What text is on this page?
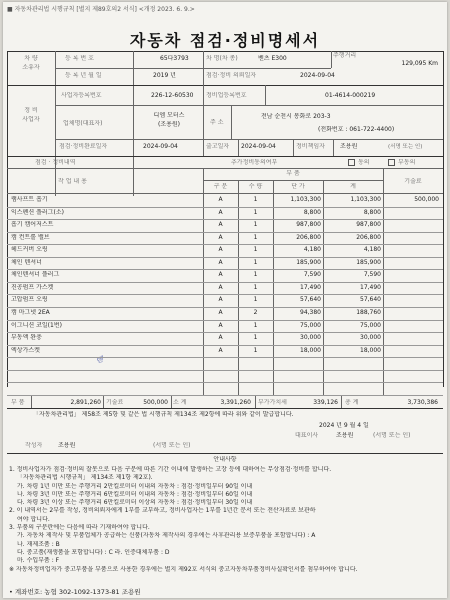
■ 자동차관리법 시행규칙 [별지 제89호의2 서식] <개정 2023. 6. 9.>
자동차 점검·정비명세서
차 량
소유자
등 록 번 호	65다3793	차 명(차 종)	벤츠 E300	주행거리
129,095 Km
등 록 년 월 일	2019 년	점검·정비 의뢰일자	2024-09-04
정 비
사업자
사업자등록번호	226-12-60530 정비업등록번호	01-4614-000219
업체명(대표자)
디엠 모터스
(조용원)	주 소
전남 순천시 봉화로 203-3
(전화번호 : 061-722-4400)
점검·정비완료일자	2024-09-04	출고일자 2024-09-04	정비책임자	조용원	(서명 또는 인)
점검 · 정비내역	추가정비동의여부	동의	부동의
작 업 내 용
부 품
구 분	수 량	단 가	계
기술료
텐
부 품	2,891,260 기술료	500,000 소 계	3,391,260 부가가치세	339,126 총 계	3,730,386
「자동차관리법」 제58조 제5항 및 같은 법 시행규칙 제134조 제2항에 따라 위와 같이 발급합니다.
2024 년 9 월 4 일
대표이사	조용원	(서명 또는 인)
작성자	조용원	(서명 또는 인)
안내사항
1. 정비사업자가 점검·정비의 잘못으로 다음 구분에 따른 기간 이내에 발생하는 고장 등에 대하여는 무상점검·정비를 합니다.
「자동차관리법 시행규칙」 제134조 제1항 제2호).
가. 차령 1년 미만 또는 주행거리 2만킬로미터 이내의 자동차 : 점검·정비일부터 90일 이내
나. 차령 3년 미만 또는 주행거리 6만킬로미터 이내의 자동차 : 점검·정비일부터 60일 이내
다. 차령 3년 이상 또는 주행거리 6만킬로미터 이상의 자동차 : 점검·정비일부터 30일 이내
2. 이 내역서는 2부를 작성, 정비의뢰자에게 1부를 교부하고, 정비사업자는 1부를 1년간 문서 또는 전산자료로 보관하
여야 합니다.
3. 부품의 구분란에는 다음에 따라 기재하여야 합니다.
가. 자동차 제작사 및 부품업체가 공급하는 신품(자동차 제작사의 경우에는 사후관리용 보증부품을 포함합니다) : A
나. 재제조품 : B
다. 중고품(재생품을 포함합니다) : C 라. 인증대체부품 : D
마. 수입부품 : F
※ 자동차정비업자가 중고부품을 부품으로 사용한 경우에는 별지 제92호 서식의 중고자동차부품정비사실확인서를 첨부하여야 합니다.
• 계좌번호: 농협 302-1092-1373-81 조용원
램사프트 흡기	A	1	1,103,300	1,103,300	500,000
익스펜션 플러그(소)	A	1	8,800	8,800
흡기 캠어저스트	A	1	987,800	987,800
캠 컨트롤 밸브	A	1	206,800	206,800
헤드커버 오링	A	1	4,180	4,180
체인 텐셔너	A	1	185,900	185,900
체인텐셔너 플러그	A	1	7,590	7,590
진공펌프 가스켓	A	1	17,490	17,490
고압펌프 오링	A	1	57,640	57,640
캠 마그넷 2EA	A	2	94,380	188,760
이그니션 코일(1번)	A	1	75,000	75,000
부동액 완충	A	1	30,000	30,000
엑상가스켓	A	1	18,000	18,000
